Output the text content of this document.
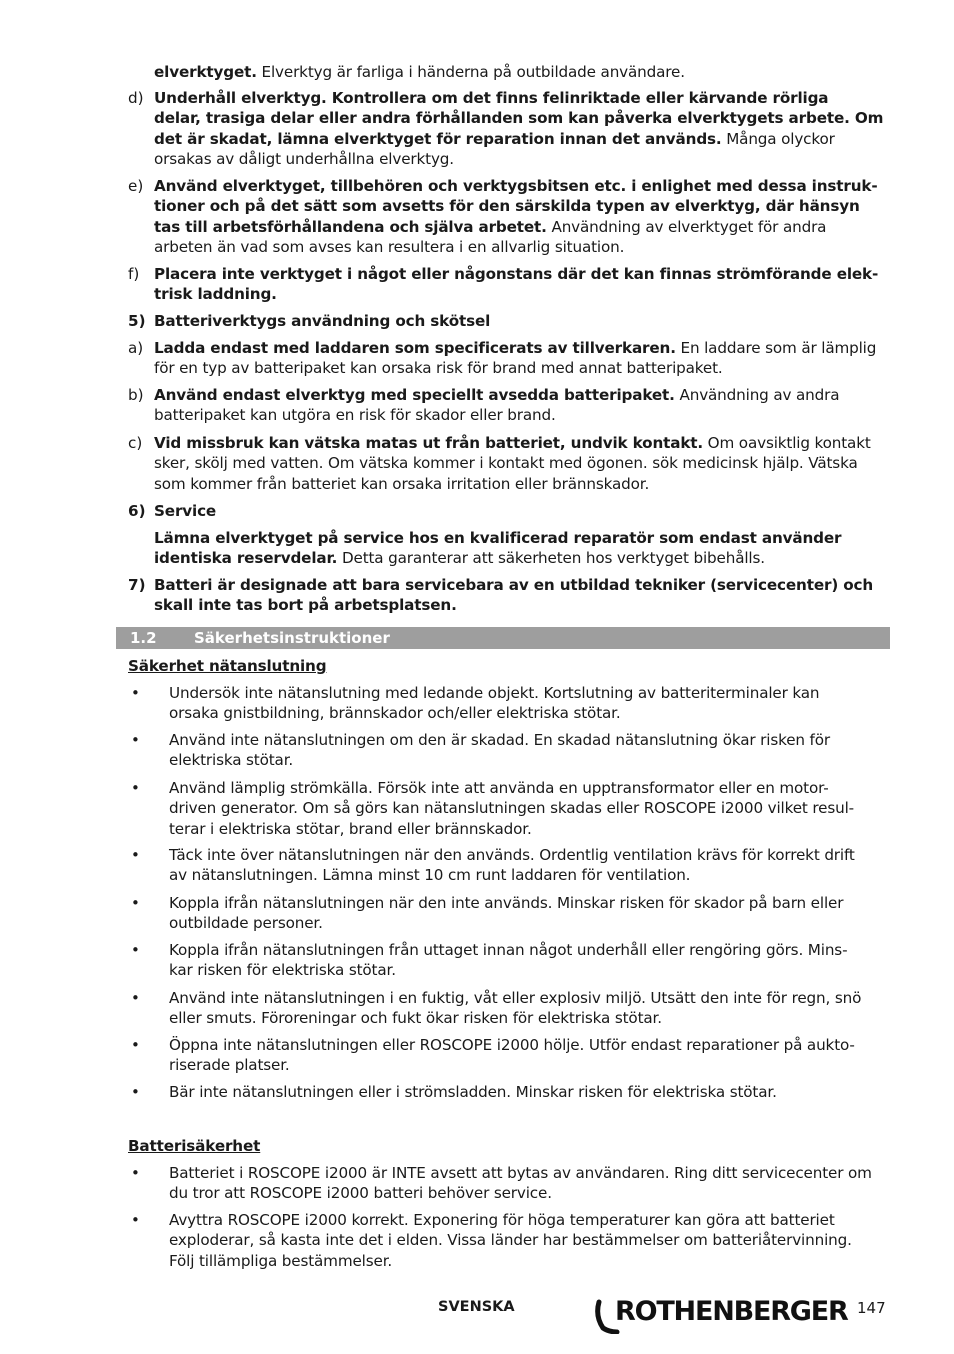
1.2 Säkerhetsinstruktioner
Säkerhet nätanslutning
Batterisäkerhet
SVENSKA	ROTHENBERGER 147
elverktyget. Elverktyg är farliga i händerna på outbildade användare.
d) Underhåll elverktyg. Kontrollera om det finns felinriktade eller kärvande rörliga
delar, trasiga delar eller andra förhållanden som kan påverka elverktygets arbete. Om
det är skadat, lämna elverktyget för reparation innan det används. Många olyckor
orsakas av dåligt underhållna elverktyg.
e) Använd elverktyget, tillbehören och verktygsbitsen etc. i enlighet med dessa instruk-
tioner och på det sätt som avsetts för den särskilda typen av elverktyg, där hänsyn
tas till arbetsförhållandena och själva arbetet. Användning av elverktyget för andra
arbeten än vad som avses kan resultera i en allvarlig situation.
f) Placera inte verktyget i något eller någonstans där det kan finnas strömförande elek-
trisk laddning.
5) Batteriverktygs användning och skötsel
a) Ladda endast med laddaren som specificerats av tillverkaren. En laddare som är lämplig
för en typ av batteripaket kan orsaka risk för brand med annat batteripaket.
b) Använd endast elverktyg med speciellt avsedda batteripaket. Användning av andra
batteripaket kan utgöra en risk för skador eller brand.
c) Vid missbruk kan vätska matas ut från batteriet, undvik kontakt. Om oavsiktlig kontakt
sker, skölj med vatten. Om vätska kommer i kontakt med ögonen. sök medicinsk hjälp. Vätska
som kommer från batteriet kan orsaka irritation eller brännskador.
6) Service
Lämna elverktyget på service hos en kvalificerad reparatör som endast använder
identiska reservdelar. Detta garanterar att säkerheten hos verktyget bibehålls.
7) Batteri är designade att bara servicebara av en utbildad tekniker (servicecenter) och
skall inte tas bort på arbetsplatsen.
• Undersök inte nätanslutning med ledande objekt. Kortslutning av batteriterminaler kan
orsaka gnistbildning, brännskador och/eller elektriska stötar.
• Använd inte nätanslutningen om den är skadad. En skadad nätanslutning ökar risken för
elektriska stötar.
• Använd lämplig strömkälla. Försök inte att använda en upptransformator eller en motor-
driven generator. Om så görs kan nätanslutningen skadas eller ROSCOPE i2000 vilket resul-
terar i elektriska stötar, brand eller brännskador.
• Täck inte över nätanslutningen när den används. Ordentlig ventilation krävs för korrekt drift
av nätanslutningen. Lämna minst 10 cm runt laddaren för ventilation.
• Koppla ifrån nätanslutningen när den inte används. Minskar risken för skador på barn eller
outbildade personer.
• Koppla ifrån nätanslutningen från uttaget innan något underhåll eller rengöring görs. Mins-
kar risken för elektriska stötar.
• Använd inte nätanslutningen i en fuktig, våt eller explosiv miljö. Utsätt den inte för regn, snö
eller smuts. Föroreningar och fukt ökar risken för elektriska stötar.
• Öppna inte nätanslutningen eller ROSCOPE i2000 hölje. Utför endast reparationer på aukto-
riserade platser.
• Bär inte nätanslutningen eller i strömsladden. Minskar risken för elektriska stötar.
• Batteriet i ROSCOPE i2000 är INTE avsett att bytas av användaren. Ring ditt servicecenter om
du tror att ROSCOPE i2000 batteri behöver service.
• Avyttra ROSCOPE i2000 korrekt. Exponering för höga temperaturer kan göra att batteriet
exploderar, så kasta inte det i elden. Vissa länder har bestämmelser om batteriåtervinning.
Följ tillämpliga bestämmelser.
